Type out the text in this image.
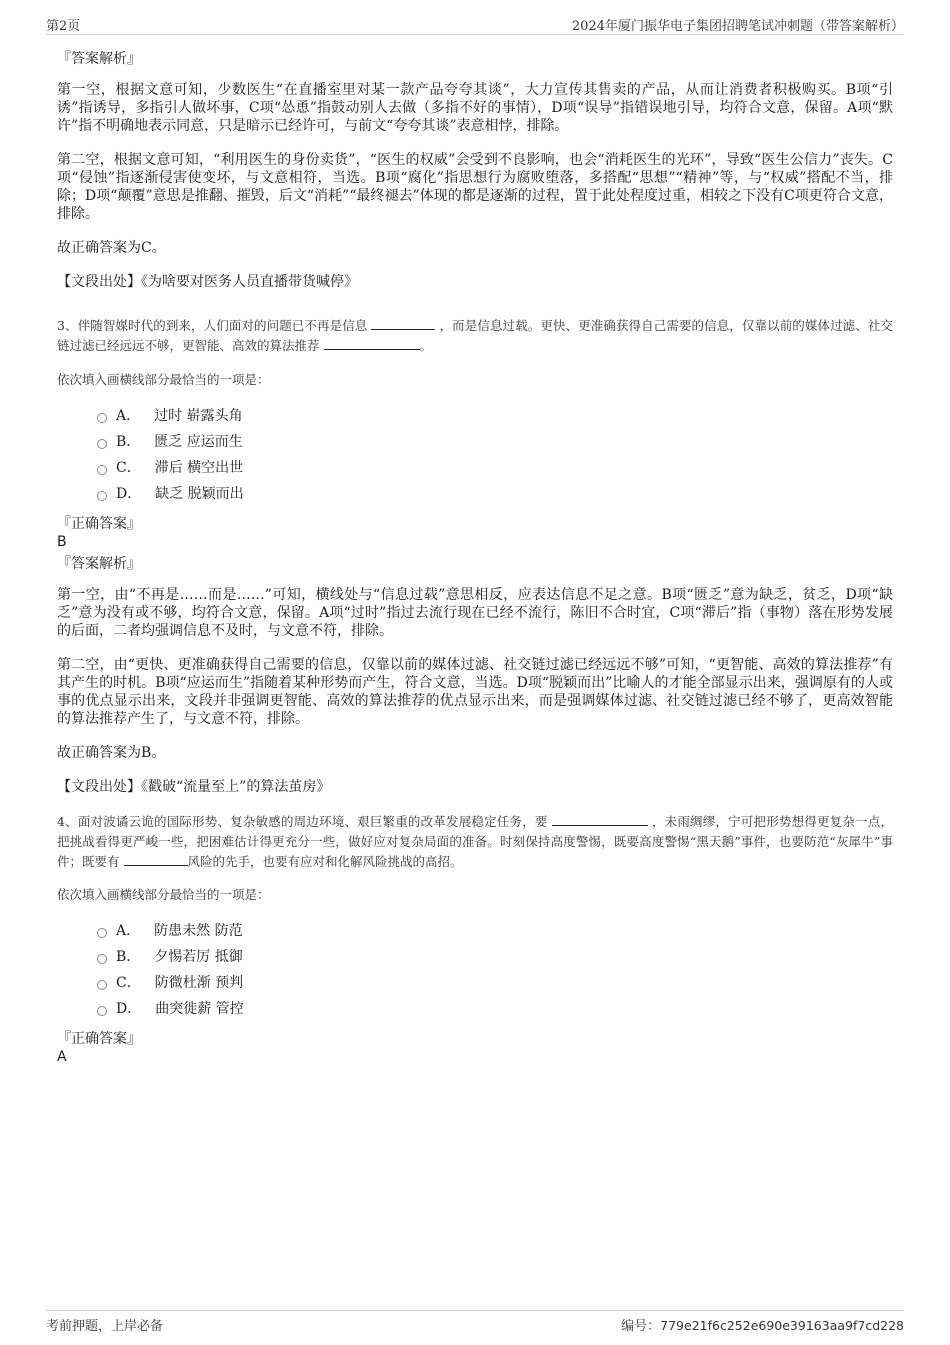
第2页	2024年厦门振华电子集团招聘笔试冲刺题（带答案解析）
『答案解析』

第一空，根据文意可知，少数医生“在直播室里对某一款产品夸夸其谈”，大力宣传其售卖的产品，从而让消费者积极购买。B项“引诱”指诱导，多指引人做坏事，C项“怂恿”指鼓动别人去做（多指不好的事情），D项“误导”指错误地引导，均符合文意，保留。A项“默许”指不明确地表示同意，只是暗示已经许可，与前文“夸夸其谈”表意相悖，排除。

第二空，根据文意可知，“利用医生的身份卖货”，“医生的权威”会受到不良影响，也会“消耗医生的光环”，导致“医生公信力”丧失。C项“侵蚀”指逐渐侵害使变坏，与文意相符，当选。B项“腐化”指思想行为腐败堕落，多搭配“思想”“精神”等，与“权威”搭配不当，排除；D项“颠覆”意思是推翻、摧毁，后文“消耗”“最终褪去”体现的都是逐渐的过程，置于此处程度过重，相较之下没有C项更符合文意，排除。

故正确答案为C。

【文段出处】《为啥要对医务人员直播带货喊停》

3、伴随智媒时代的到来，人们面对的问题已不再是信息	，而是信息过载。更快、更准确获得自己需要的信息，仅靠以前的媒体过滤、社交链过滤已经远远不够，更智能、高效的算法推荐	。

依次填入画横线部分最恰当的一项是：

A． 过时 崭露头角
B． 匮乏 应运而生
C． 滞后 横空出世
D． 缺乏 脱颖而出
『正确答案』
B
『答案解析』

第一空，由“不再是……而是……”可知，横线处与“信息过载”意思相反，应表达信息不足之意。B项“匮乏”意为缺乏，贫乏，D项“缺乏”意为没有或不够，均符合文意，保留。A项“过时”指过去流行现在已经不流行，陈旧不合时宜，C项“滞后”指（事物）落在形势发展的后面，二者均强调信息不及时，与文意不符，排除。

第二空，由“更快、更准确获得自己需要的信息，仅靠以前的媒体过滤、社交链过滤已经远远不够”可知，“更智能、高效的算法推荐”有其产生的时机。B项“应运而生”指随着某种形势而产生，符合文意，当选。D项“脱颖而出”比喻人的才能全部显示出来，强调原有的人或事的优点显示出来，文段并非强调更智能、高效的算法推荐的优点显示出来，而是强调媒体过滤、社交链过滤已经不够了，更高效智能的算法推荐产生了，与文意不符，排除。

故正确答案为B。

【文段出处】《戳破“流量至上”的算法茧房》

4、面对波谲云诡的国际形势、复杂敏感的周边环境、艰巨繁重的改革发展稳定任务，要	，未雨绸缪，宁可把形势想得更复杂一点，把挑战看得更严峻一些，把困难估计得更充分一些，做好应对复杂局面的准备。时刻保持高度警惕，既要高度警惕“黑天鹅”事件，也要防范“灰犀牛”事件；既要有	风险的先手，也要有应对和化解风险挑战的高招。

依次填入画横线部分最恰当的一项是：

A． 防患未然 防范
B． 夕惕若厉 抵御
C． 防微杜渐 预判
D． 曲突徙薪 管控
『正确答案』
A
考前押题，上岸必备	编号：779e21f6c252e690e39163aa9f7cd228
